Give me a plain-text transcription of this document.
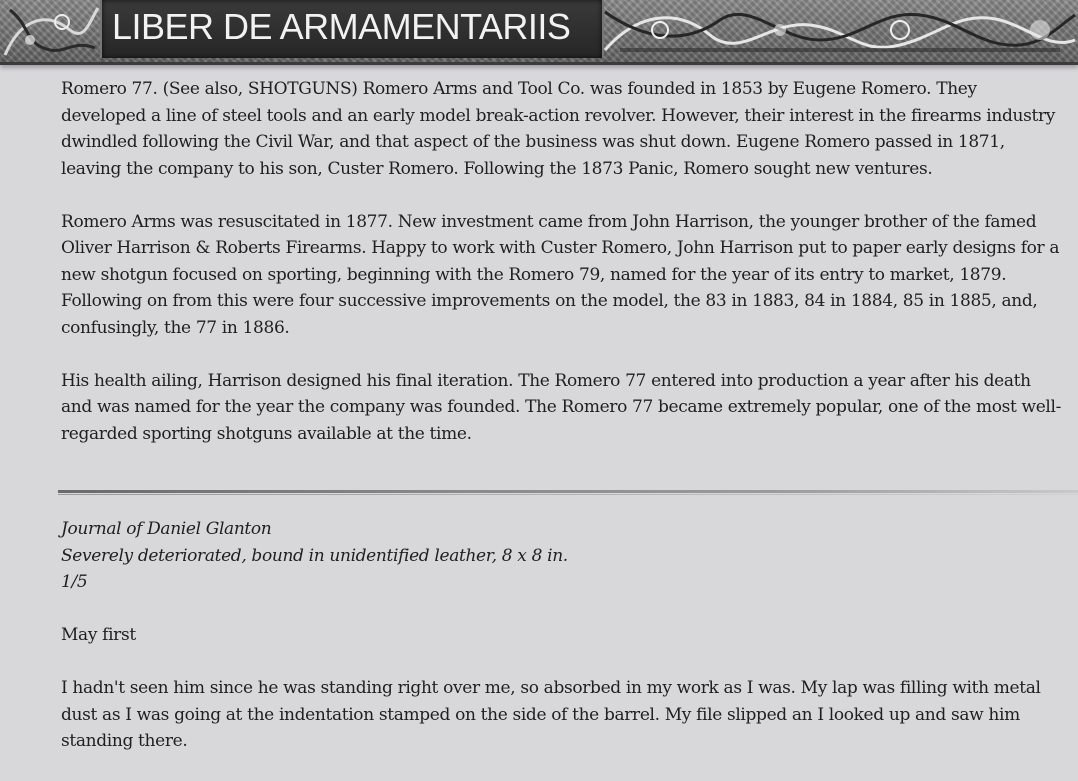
LIBER DE ARMAMENTARIIS

Romero 77. (See also, SHOTGUNS) Romero Arms and Tool Co. was founded in 1853 by Eugene Romero. They developed a line of steel tools and an early model break-action revolver. However, their interest in the firearms industry dwindled following the Civil War, and that aspect of the business was shut down. Eugene Romero passed in 1871, leaving the company to his son, Custer Romero. Following the 1873 Panic, Romero sought new ventures.

Romero Arms was resuscitated in 1877. New investment came from John Harrison, the younger brother of the famed Oliver Harrison & Roberts Firearms. Happy to work with Custer Romero, John Harrison put to paper early designs for a new shotgun focused on sporting, beginning with the Romero 79, named for the year of its entry to market, 1879. Following on from this were four successive improvements on the model, the 83 in 1883, 84 in 1884, 85 in 1885, and, confusingly, the 77 in 1886.

His health ailing, Harrison designed his final iteration. The Romero 77 entered into production a year after his death and was named for the year the company was founded. The Romero 77 became extremely popular, one of the most well-regarded sporting shotguns available at the time.

Journal of Daniel Glanton
Severely deteriorated, bound in unidentified leather, 8 x 8 in.
1/5
May first
I hadn't seen him since he was standing right over me, so absorbed in my work as I was. My lap was filling with metal dust as I was going at the indentation stamped on the side of the barrel. My file slipped an I looked up and saw him standing there.
